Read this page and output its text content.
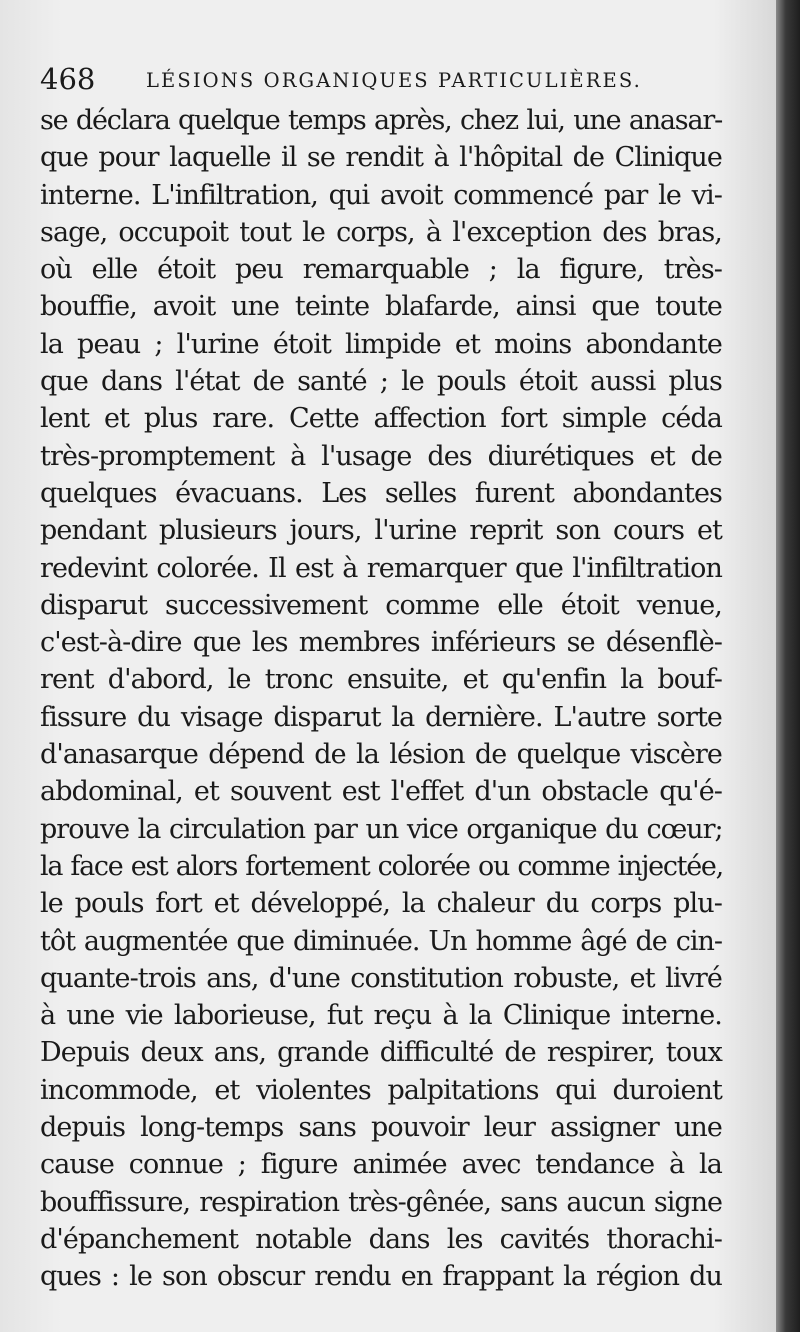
468	LÉSIONS ORGANIQUES PARTICULIÈRES.
se déclara quelque temps après, chez lui, une anasar-
que pour laquelle il se rendit à l'hôpital de Clinique
interne. L'infiltration, qui avoit commencé par le vi-
sage, occupoit tout le corps, à l'exception des bras,
où elle étoit peu remarquable ; la figure, très-
bouffie, avoit une teinte blafarde, ainsi que toute
la peau ; l'urine étoit limpide et moins abondante
que dans l'état de santé ; le pouls étoit aussi plus
lent et plus rare. Cette affection fort simple céda
très-promptement à l'usage des diurétiques et de
quelques évacuans. Les selles furent abondantes
pendant plusieurs jours, l'urine reprit son cours et
redevint colorée. Il est à remarquer que l'infiltration
disparut successivement comme elle étoit venue,
c'est-à-dire que les membres inférieurs se désenflè-
rent d'abord, le tronc ensuite, et qu'enfin la bouf-
fissure du visage disparut la dernière. L'autre sorte
d'anasarque dépend de la lésion de quelque viscère
abdominal, et souvent est l'effet d'un obstacle qu'é-
prouve la circulation par un vice organique du cœur;
la face est alors fortement colorée ou comme injectée,
le pouls fort et développé, la chaleur du corps plu-
tôt augmentée que diminuée. Un homme âgé de cin-
quante-trois ans, d'une constitution robuste, et livré
à une vie laborieuse, fut reçu à la Clinique interne.
Depuis deux ans, grande difficulté de respirer, toux
incommode, et violentes palpitations qui duroient
depuis long-temps sans pouvoir leur assigner une
cause connue ; figure animée avec tendance à la
bouffissure, respiration très-gênée, sans aucun signe
d'épanchement notable dans les cavités thorachi-
ques : le son obscur rendu en frappant la région du
